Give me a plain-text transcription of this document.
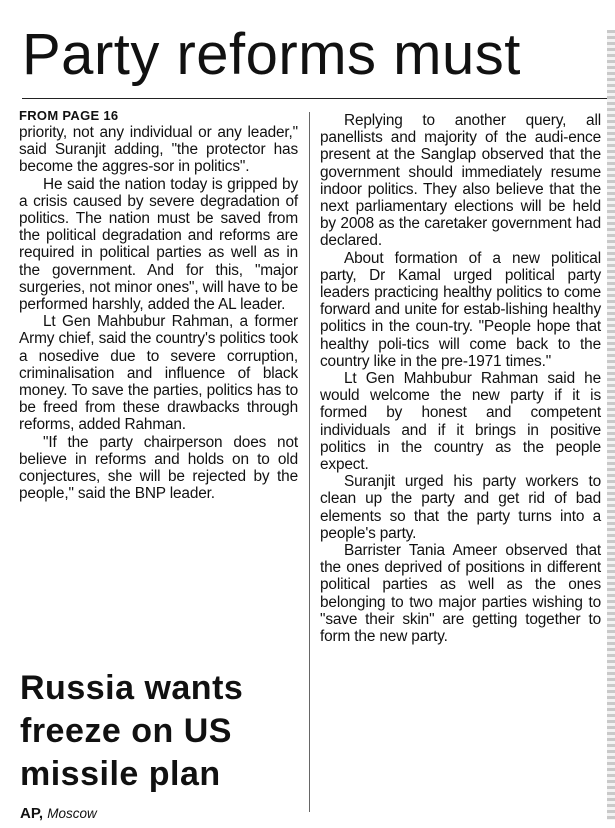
Party reforms must
FROM PAGE 16

priority, not any individual or any leader," said Suranjit adding, "the protector has become the aggres-sor in politics".

He said the nation today is gripped by a crisis caused by severe degradation of politics. The nation must be saved from the political degradation and reforms are required in political parties as well as in the government. And for this, "major surgeries, not minor ones", will have to be performed harshly, added the AL leader.

Lt Gen Mahbubur Rahman, a former Army chief, said the country's politics took a nosedive due to severe corruption, criminalisation and influence of black money. To save the parties, politics has to be freed from these drawbacks through reforms, added Rahman.

"If the party chairperson does not believe in reforms and holds on to old conjectures, she will be rejected by the people," said the BNP leader.

Replying to another query, all panellists and majority of the audi-ence present at the Sanglap observed that the government should immediately resume indoor politics. They also believe that the next parliamentary elections will be held by 2008 as the caretaker government had declared.

About formation of a new political party, Dr Kamal urged political party leaders practicing healthy politics to come forward and unite for estab-lishing healthy politics in the coun-try. "People hope that healthy poli-tics will come back to the country like in the pre-1971 times."

Lt Gen Mahbubur Rahman said he would welcome the new party if it is formed by honest and competent individuals and if it brings in positive politics in the country as the people expect.

Suranjit urged his party workers to clean up the party and get rid of bad elements so that the party turns into a people's party.

Barrister Tania Ameer observed that the ones deprived of positions in different political parties as well as the ones belonging to two major parties wishing to "save their skin" are getting together to form the new party.

Russia wants freeze on US missile plan
AP, Moscow
